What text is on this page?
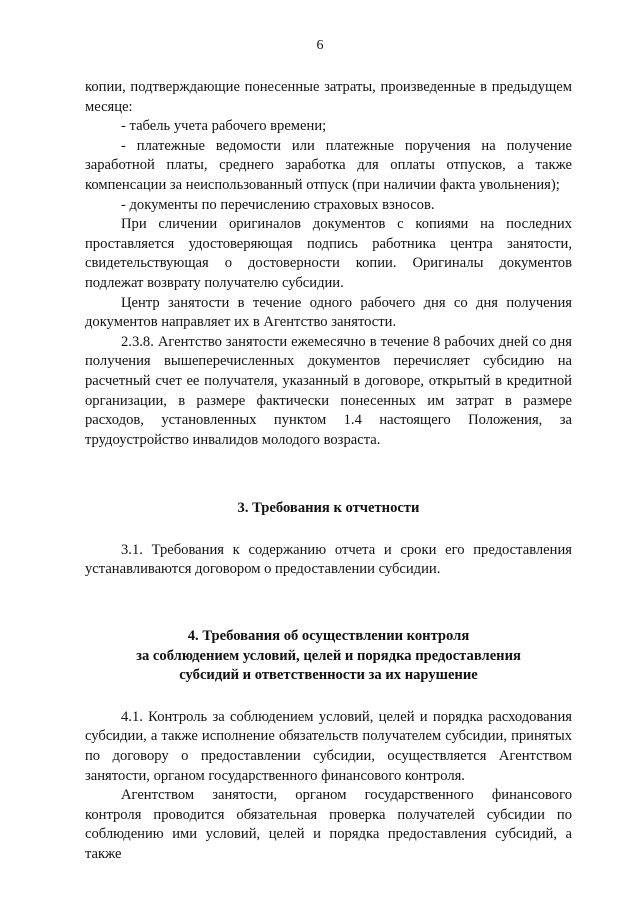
6

копии, подтверждающие понесенные затраты, произведенные в предыдущем месяце:

- табель учета рабочего времени;

- платежные ведомости или платежные поручения на получение заработной платы, среднего заработка для оплаты отпусков, а также компенсации за неиспользованный отпуск (при наличии факта увольнения);

- документы по перечислению страховых взносов.

При сличении оригиналов документов с копиями на последних проставляется удостоверяющая подпись работника центра занятости, свидетельствующая о достоверности копии. Оригиналы документов подлежат возврату получателю субсидии.

Центр занятости в течение одного рабочего дня со дня получения документов направляет их в Агентство занятости.

2.3.8. Агентство занятости ежемесячно в течение 8 рабочих дней со дня получения вышеперечисленных документов перечисляет субсидию на расчетный счет ее получателя, указанный в договоре, открытый в кредитной организации, в размере фактически понесенных им затрат в размере расходов, установленных пунктом 1.4 настоящего Положения, за трудоустройство инвалидов молодого возраста.

3. Требования к отчетности

3.1. Требования к содержанию отчета и сроки его предоставления устанавливаются договором о предоставлении субсидии.

4. Требования об осуществлении контроля
за соблюдением условий, целей и порядка предоставления
субсидий и ответственности за их нарушение

4.1. Контроль за соблюдением условий, целей и порядка расходования субсидии, а также исполнение обязательств получателем субсидии, принятых по договору о предоставлении субсидии, осуществляется Агентством занятости, органом государственного финансового контроля.

Агентством занятости, органом государственного финансового контроля проводится обязательная проверка получателей субсидии по соблюдению ими условий, целей и порядка предоставления субсидий, а также
